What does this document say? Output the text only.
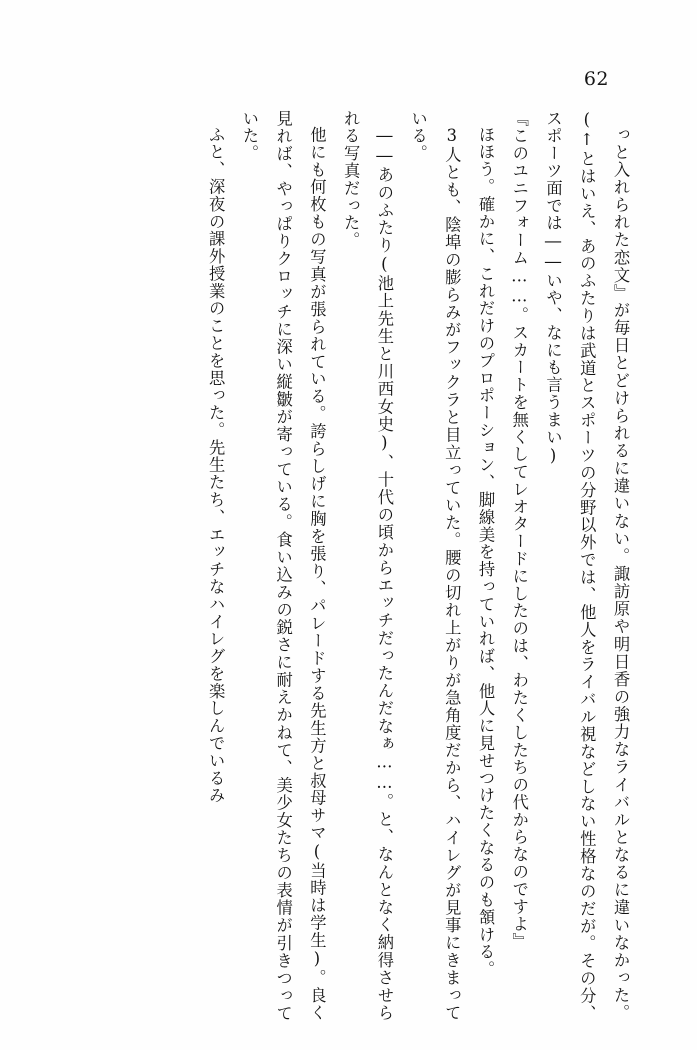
62

っと入れられた恋文』が毎日とどけられるに違いない。諏訪原や明日香の強力なライバルとなるに違いなかった。(↑とはいえ、あのふたりは武道とスポーツの分野以外では、他人をライバル視などしない性格なのだが。その分、スポーツ面では――いや、なにも言うまい)

『このユニフォーム……。スカートを無くしてレオタードにしたのは、わたくしたちの代からなのですよ』

ほほう。確かに、これだけのプロポーション、脚線美を持っていれば、他人に見せつけたくなるのも頷ける。

3人とも、陰埠の膨らみがフックラと目立っていた。腰の切れ上がりが急角度だから、ハイレグが見事にきまっている。

――あのふたり(池上先生と川西女史)、十代の頃からエッチだったんだなぁ……。と、なんとなく納得させられる写真だった。

他にも何枚もの写真が張られている。誇らしげに胸を張り、パレードする先生方と叔母サマ(当時は学生)。良く見れば、やっぱりクロッチに深い縦皺が寄っている。食い込みの鋭さに耐えかねて、美少女たちの表情が引きつっていた。

ふと、深夜の課外授業のことを思った。先生たち、エッチなハイレグを楽しんでいるみ
